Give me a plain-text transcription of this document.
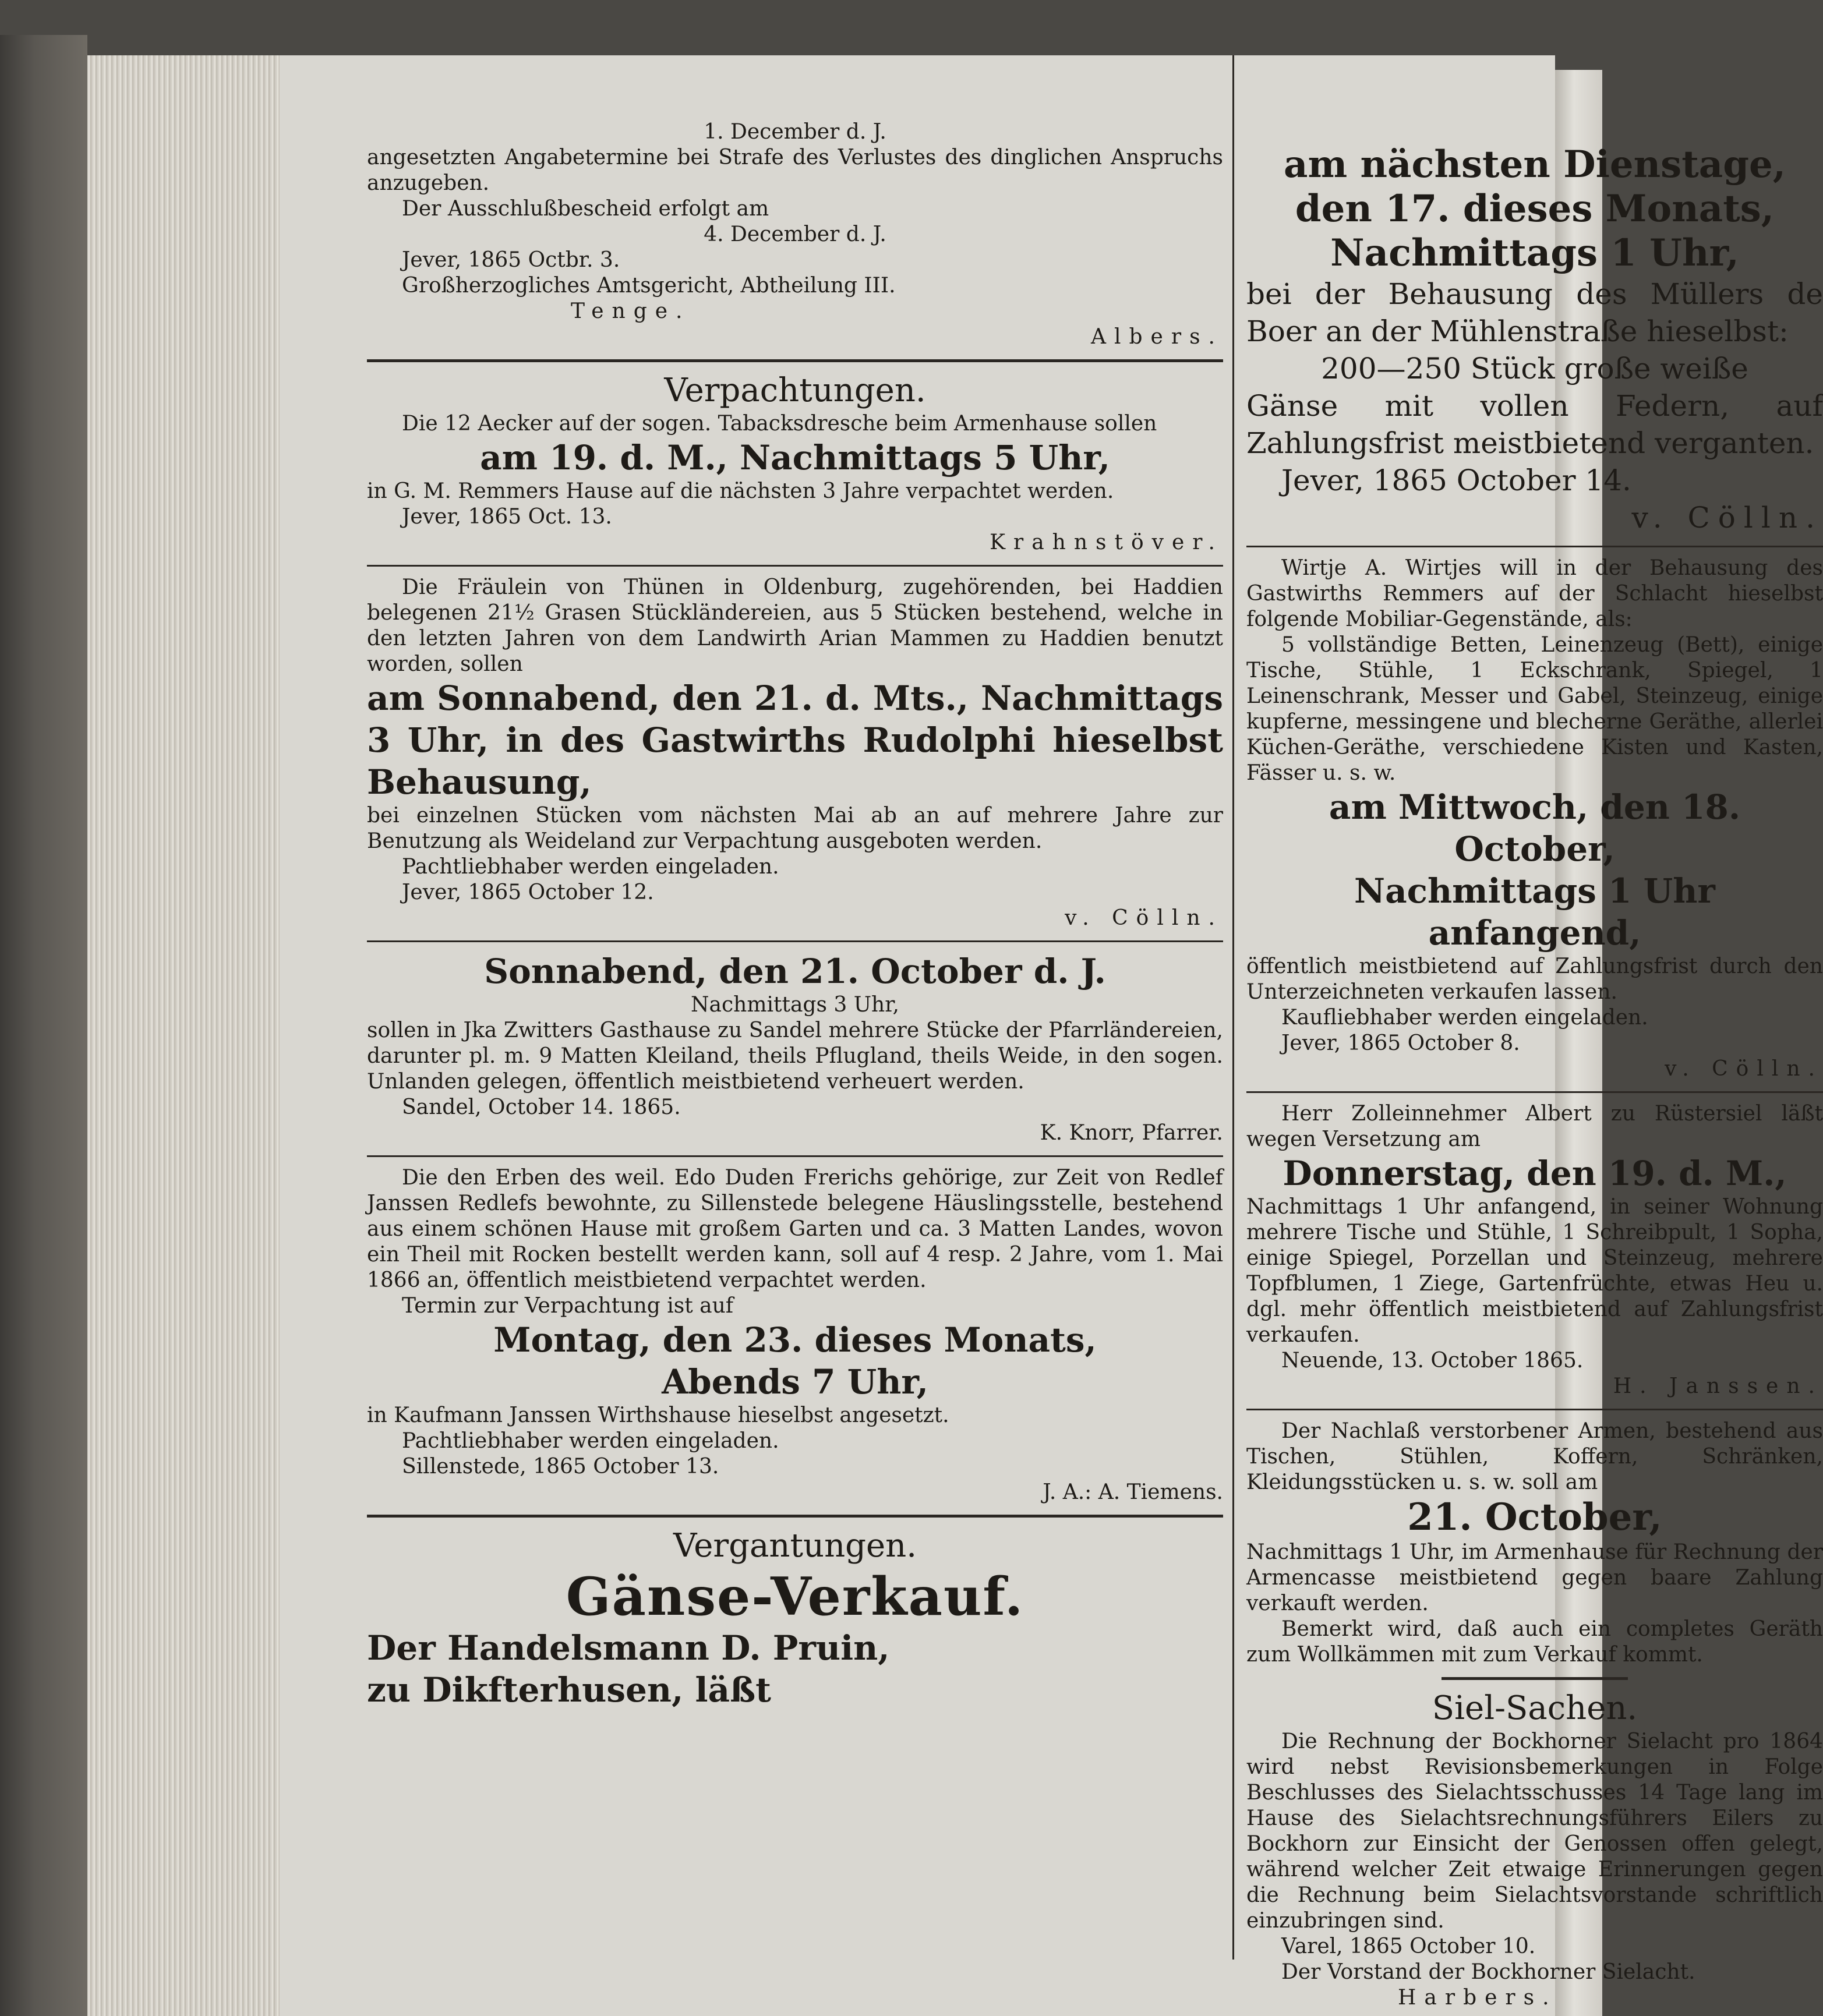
1. December d. J.

angesetzten Angabetermine bei Strafe des Verlustes des dinglichen Anspruchs anzugeben.

Der Ausschlußbescheid erfolgt am

4. December d. J.

Jever, 1865 Octbr. 3.

Großherzogliches Amtsgericht, Abtheilung III.

Tenge.

Albers.

Verpachtungen.

Die 12 Aecker auf der sogen. Tabacksdresche beim Armenhause sollen

am 19. d. M., Nachmittags 5 Uhr,

in G. M. Remmers Hause auf die nächsten 3 Jahre verpachtet werden.

Jever, 1865 Oct. 13.

Krahnstöver.

Die Fräulein von Thünen in Oldenburg, zugehörenden, bei Haddien belegenen 21½ Grasen Stückländereien, aus 5 Stücken bestehend, welche in den letzten Jahren von dem Landwirth Arian Mammen zu Haddien benutzt worden, sollen

am Sonnabend, den 21. d. Mts., Nachmittags 3 Uhr, in des Gastwirths Rudolphi hieselbst Behausung,

bei einzelnen Stücken vom nächsten Mai ab an auf mehrere Jahre zur Benutzung als Weideland zur Verpachtung ausgeboten werden.

Pachtliebhaber werden eingeladen.

Jever, 1865 October 12.

v. Cölln.

Sonnabend, den 21. October d. J.

Nachmittags 3 Uhr,

sollen in Jka Zwitters Gasthause zu Sandel mehrere Stücke der Pfarrländereien, darunter pl. m. 9 Matten Kleiland, theils Pflugland, theils Weide, in den sogen. Unlanden gelegen, öffentlich meistbietend verheuert werden.

Sandel, October 14. 1865.

K. Knorr, Pfarrer.

Die den Erben des weil. Edo Duden Frerichs gehörige, zur Zeit von Redlef Janssen Redlefs bewohnte, zu Sillenstede belegene Häuslingsstelle, bestehend aus einem schönen Hause mit großem Garten und ca. 3 Matten Landes, wovon ein Theil mit Rocken bestellt werden kann, soll auf 4 resp. 2 Jahre, vom 1. Mai 1866 an, öffentlich meistbietend verpachtet werden.

Termin zur Verpachtung ist auf

Montag, den 23. dieses Monats,

Abends 7 Uhr,

in Kaufmann Janssen Wirthshause hieselbst angesetzt.

Pachtliebhaber werden eingeladen.

Sillenstede, 1865 October 13.

J. A.: A. Tiemens.

Vergantungen.

Gänse-Verkauf.

Der Handelsmann D. Pruin,

zu Dikfterhusen, läßt

am nächsten Dienstage,

den 17. dieses Monats,

Nachmittags 1 Uhr,

bei der Behausung des Müllers de Boer an der Mühlenstraße hieselbst:

200—250 Stück große weiße

Gänse mit vollen Federn, auf Zahlungsfrist meistbietend verganten.

Jever, 1865 October 14.

v. Cölln.

Wirtje A. Wirtjes will in der Behausung des Gastwirths Remmers auf der Schlacht hieselbst folgende Mobiliar-Gegenstände, als:

5 vollständige Betten, Leinenzeug (Bett), einige Tische, Stühle, 1 Eckschrank, Spiegel, 1 Leinenschrank, Messer und Gabel, Steinzeug, einige kupferne, messingene und blecherne Geräthe, allerlei Küchen-Geräthe, verschiedene Kisten und Kasten, Fässer u. s. w.

am Mittwoch, den 18. October,

Nachmittags 1 Uhr anfangend,

öffentlich meistbietend auf Zahlungsfrist durch den Unterzeichneten verkaufen lassen.

Kaufliebhaber werden eingeladen.

Jever, 1865 October 8.

v. Cölln.

Herr Zolleinnehmer Albert zu Rüstersiel läßt wegen Versetzung am

Donnerstag, den 19. d. M.,

Nachmittags 1 Uhr anfangend, in seiner Wohnung mehrere Tische und Stühle, 1 Schreibpult, 1 Sopha, einige Spiegel, Porzellan und Steinzeug, mehrere Topfblumen, 1 Ziege, Gartenfrüchte, etwas Heu u. dgl. mehr öffentlich meistbietend auf Zahlungsfrist verkaufen.

Neuende, 13. October 1865.

H. Janssen.

Der Nachlaß verstorbener Armen, bestehend aus Tischen, Stühlen, Koffern, Schränken, Kleidungsstücken u. s. w. soll am

21. October,

Nachmittags 1 Uhr, im Armenhause für Rechnung der Armencasse meistbietend gegen baare Zahlung verkauft werden.

Bemerkt wird, daß auch ein completes Geräth zum Wollkämmen mit zum Verkauf kommt.

Siel-Sachen.

Die Rechnung der Bockhorner Sielacht pro 1864 wird nebst Revisionsbemerkungen in Folge Beschlusses des Sielachtsschusses 14 Tage lang im Hause des Sielachtsrechnungsführers Eilers zu Bockhorn zur Einsicht der Genossen offen gelegt, während welcher Zeit etwaige Erinnerungen gegen die Rechnung beim Sielachtsvorstande schriftlich einzubringen sind.

Varel, 1865 October 10.

Der Vorstand der Bockhorner Sielacht.

Harbers.
